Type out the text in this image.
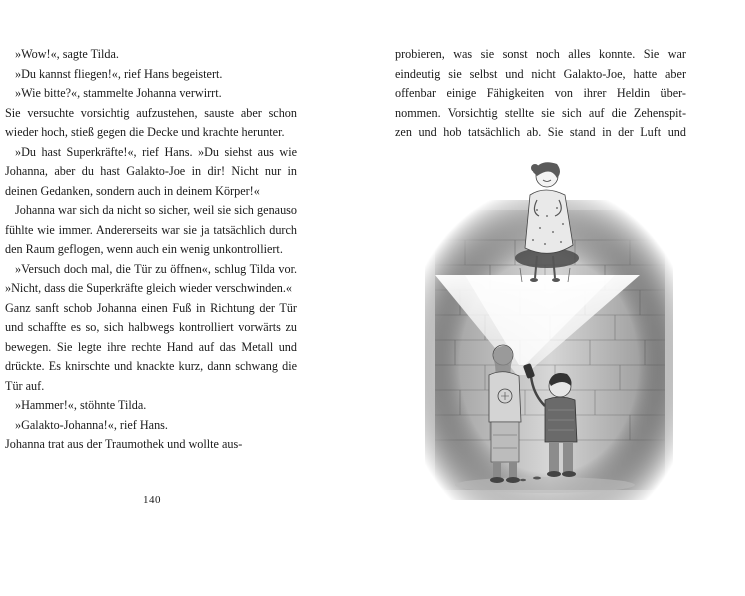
»Wow!«, sagte Tilda.

»Du kannst fliegen!«, rief Hans begeistert.

»Wie bitte?«, stammelte Johanna verwirrt.

Sie versuchte vorsichtig aufzustehen, sauste aber schon wieder hoch, stieß gegen die Decke und krachte herunter.

»Du hast Superkräfte!«, rief Hans. »Du siehst aus wie Johanna, aber du hast Galakto-Joe in dir! Nicht nur in deinen Gedanken, sondern auch in deinem Körper!«

Johanna war sich da nicht so sicher, weil sie sich genauso fühlte wie immer. Andererseits war sie ja tatsächlich durch den Raum geflogen, wenn auch ein wenig unkontrolliert.

»Versuch doch mal, die Tür zu öffnen«, schlug Tilda vor. »Nicht, dass die Superkräfte gleich wieder verschwinden.«

Ganz sanft schob Johanna einen Fuß in Richtung der Tür und schaffte es so, sich halbwegs kontrolliert vorwärts zu bewegen. Sie legte ihre rechte Hand auf das Metall und drückte. Es knirschte und knackte kurz, dann schwang die Tür auf.

»Hammer!«, stöhnte Tilda.

»Galakto-Johanna!«, rief Hans.

Johanna trat aus der Traumothek und wollte aus-

140

probieren, was sie sonst noch alles konnte. Sie war

eindeutig sie selbst und nicht Galakto-Joe, hatte aber

offenbar einige Fähigkeiten von ihrer Heldin über-

nommen. Vorsichtig stellte sie sich auf die Zehenspit-

zen und hob tatsächlich ab. Sie stand in der Luft und
